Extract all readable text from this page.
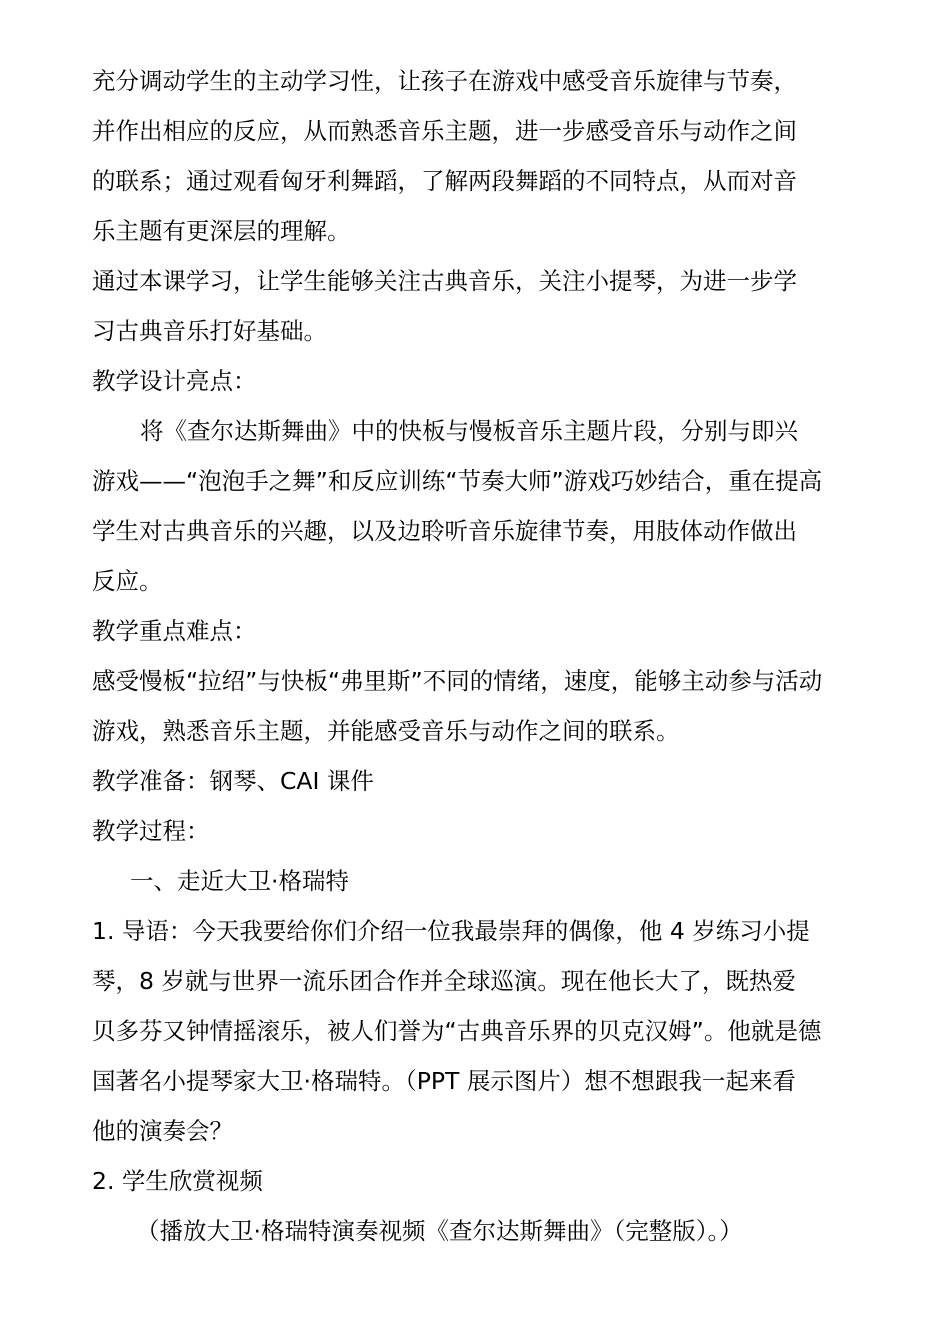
充分调动学生的主动学习性，让孩子在游戏中感受音乐旋律与节奏，
并作出相应的反应，从而熟悉音乐主题，进一步感受音乐与动作之间
的联系；通过观看匈牙利舞蹈，了解两段舞蹈的不同特点，从而对音
乐主题有更深层的理解。
通过本课学习，让学生能够关注古典音乐，关注小提琴，为进一步学
习古典音乐打好基础。
教学设计亮点：
将《查尔达斯舞曲》中的快板与慢板音乐主题片段，分别与即兴
游戏——“泡泡手之舞”和反应训练“节奏大师”游戏巧妙结合，重在提高
学生对古典音乐的兴趣，以及边聆听音乐旋律节奏，用肢体动作做出
反应。
教学重点难点：
感受慢板“拉绍”与快板“弗里斯”不同的情绪，速度，能够主动参与活动
游戏，熟悉音乐主题，并能感受音乐与动作之间的联系。
教学准备：钢琴、CAI 课件
教学过程：
一、走近大卫·格瑞特
1. 导语：今天我要给你们介绍一位我最崇拜的偶像，他 4 岁练习小提
琴，8 岁就与世界一流乐团合作并全球巡演。现在他长大了，既热爱
贝多芬又钟情摇滚乐，被人们誉为“古典音乐界的贝克汉姆”。他就是德
国著名小提琴家大卫·格瑞特。（PPT 展示图片）想不想跟我一起来看
他的演奏会？
2. 学生欣赏视频
（播放大卫·格瑞特演奏视频《查尔达斯舞曲》（完整版）。）
